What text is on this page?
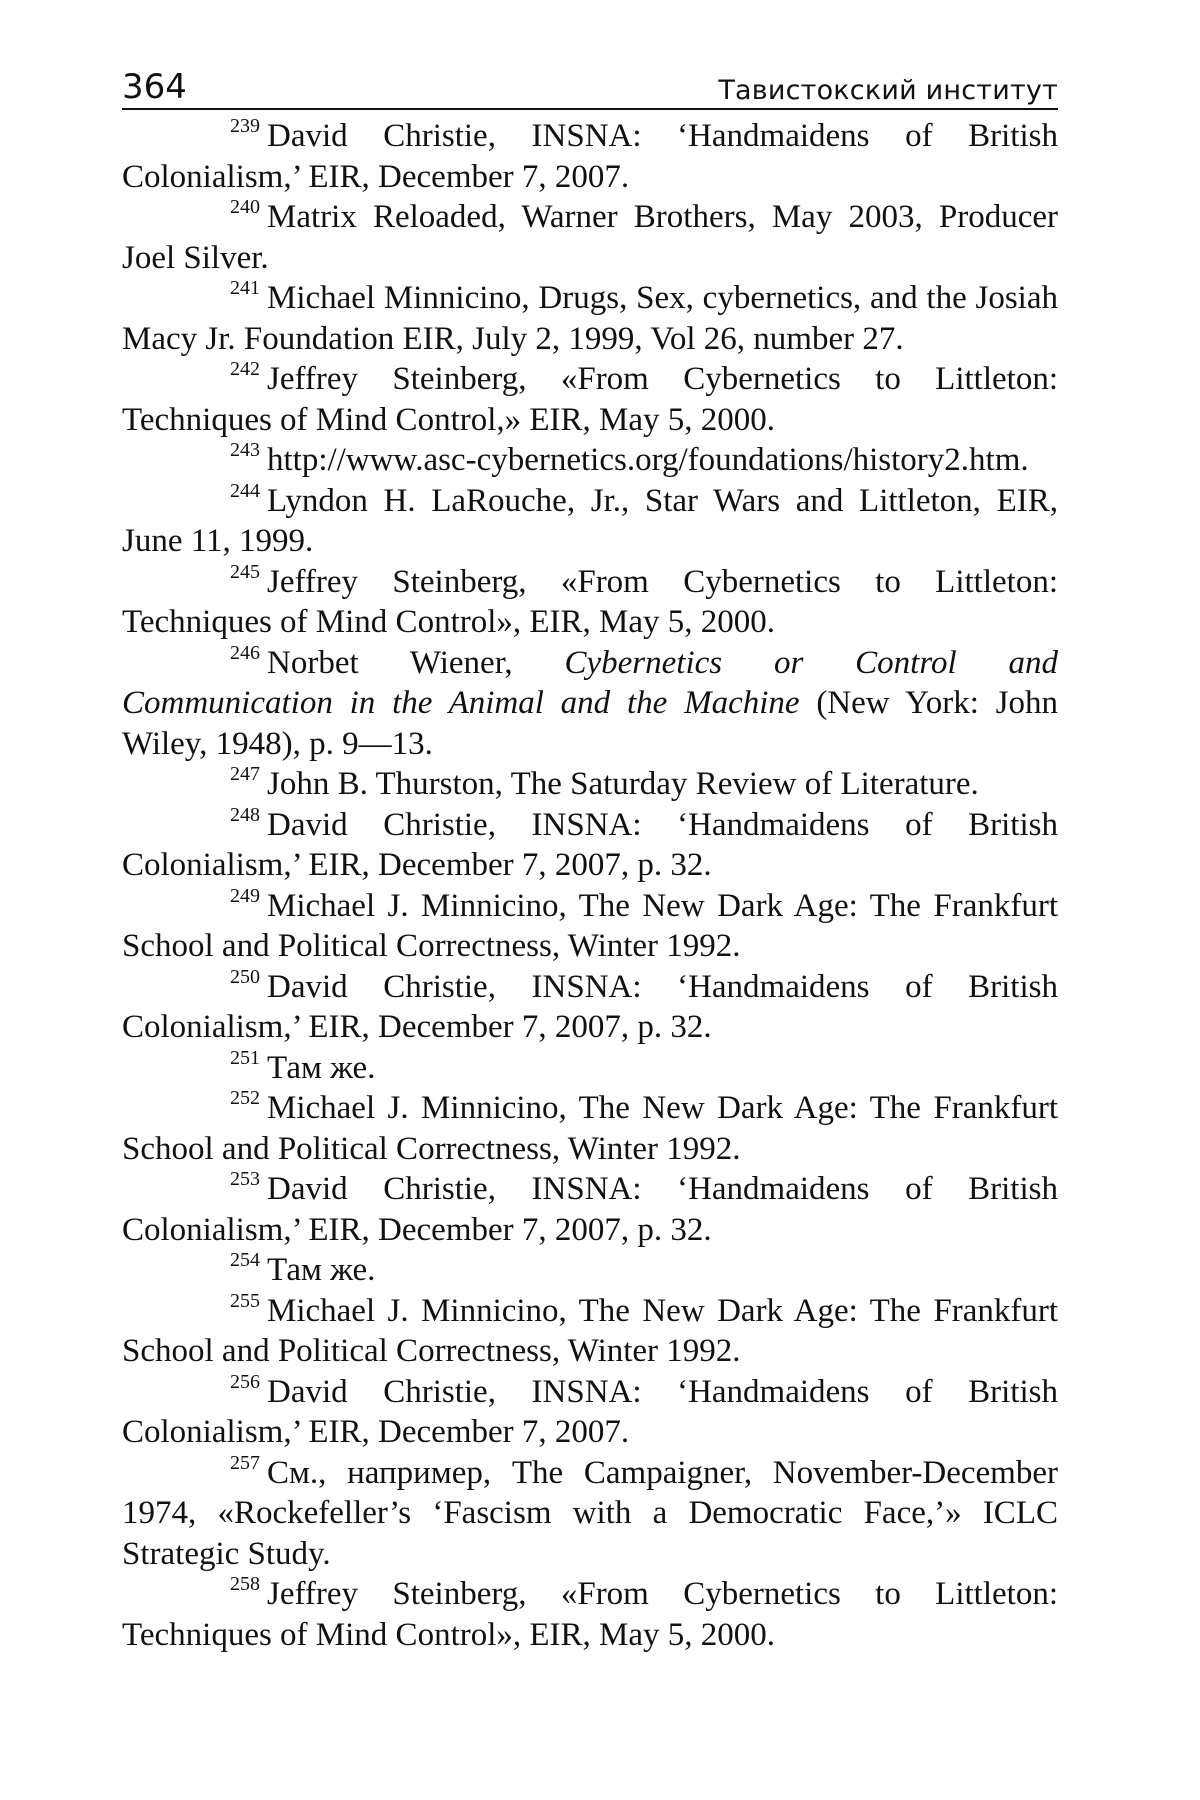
364	Тавистокский институт

$^{239}$ David Christie, INSNA: ‘Handmaidens of British Colonialism,’ EIR, December 7, 2007.

$^{240}$ Matrix Reloaded, Warner Brothers, May 2003, Producer Joel Silver.

$^{241}$ Michael Minnicino, Drugs, Sex, cybernetics, and the Josiah Macy Jr. Foundation EIR, July 2, 1999, Vol 26, number 27.

$^{242}$ Jeffrey Steinberg, «From Cybernetics to Littleton: Techniques of Mind Control,» EIR, May 5, 2000.

$^{243}$ http://www.asc-cybernetics.org/foundations/history2.htm.

$^{244}$ Lyndon H. LaRouche, Jr., Star Wars and Littleton, EIR, June 11, 1999.

$^{245}$ Jeffrey Steinberg, «From Cybernetics to Littleton: Techniques of Mind Control», EIR, May 5, 2000.

$^{246}$ Norbet Wiener, Cybernetics or Control and Communication in the Animal and the Machine (New York: John Wiley, 1948), p. 9—13.

$^{247}$ John B. Thurston, The Saturday Review of Literature.

$^{248}$ David Christie, INSNA: ‘Handmaidens of British Colonialism,’ EIR, December 7, 2007, p. 32.

$^{249}$ Michael J. Minnicino, The New Dark Age: The Frankfurt School and Political Correctness, Winter 1992.

$^{250}$ David Christie, INSNA: ‘Handmaidens of British Colonialism,’ EIR, December 7, 2007, p. 32.

$^{251}$ Там же.

$^{252}$ Michael J. Minnicino, The New Dark Age: The Frankfurt School and Political Correctness, Winter 1992.

$^{253}$ David Christie, INSNA: ‘Handmaidens of British Colonialism,’ EIR, December 7, 2007, p. 32.

$^{254}$ Там же.

$^{255}$ Michael J. Minnicino, The New Dark Age: The Frankfurt School and Political Correctness, Winter 1992.

$^{256}$ David Christie, INSNA: ‘Handmaidens of British Colonialism,’ EIR, December 7, 2007.

$^{257}$ См., например, The Campaigner, November-December 1974, «Rockefeller’s ‘Fascism with a Democratic Face,’» ICLC Strategic Study.

$^{258}$ Jeffrey Steinberg, «From Cybernetics to Littleton: Techniques of Mind Control», EIR, May 5, 2000.
